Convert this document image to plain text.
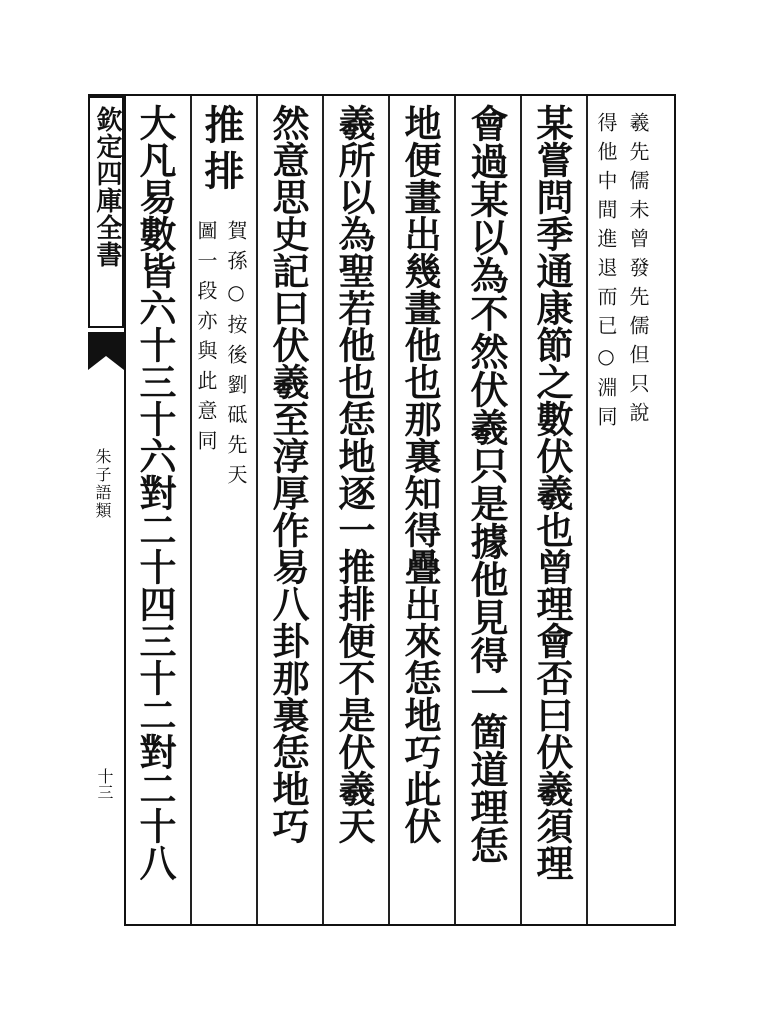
欽定四庫全書
朱子語類
十三
羲先儒未曾發先儒但只說
得他中間進退而已○淵同
某嘗問季通康節之數伏羲也曾理會否曰伏羲須理
會過某以為不然伏羲只是據他見得一箇道理恁
地便畫出幾畫他也那裏知得疊出來恁地巧此伏
羲所以為聖若他也恁地逐一推排便不是伏羲天
然意思史記曰伏羲至淳厚作易八卦那裏恁地巧
賀孫○按後劉砥先天
圖一段亦與此意同
推排
大凡易數皆六十三十六對二十四三十二對二十八
